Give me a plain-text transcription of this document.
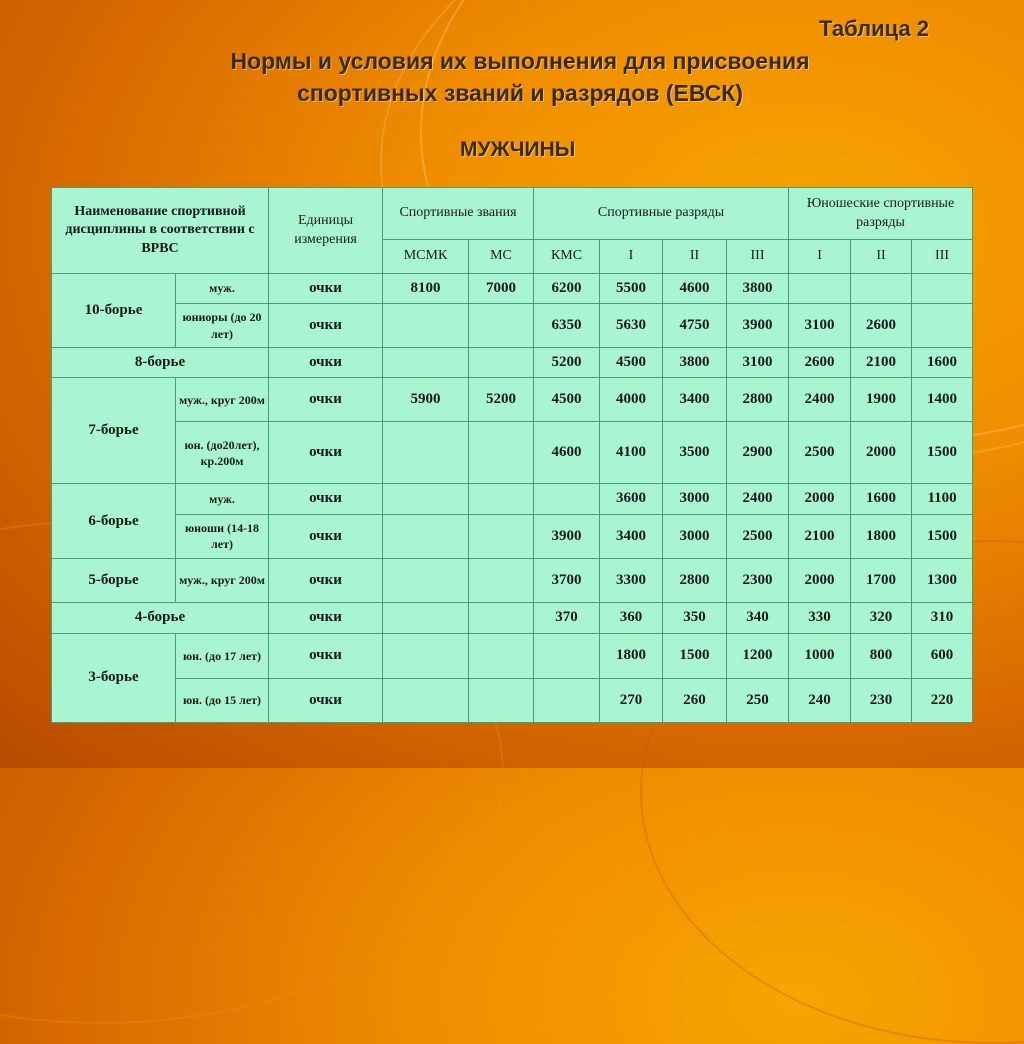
Таблица 2
Нормы и условия их выполнения для присвоения
спортивных званий и разрядов (ЕВСК)
МУЖЧИНЫ
Наименование спортивной дисциплины в соответствии с ВРВС		Единицы измерения	Спортивные звания		Спортивные разряды				Юношеские спортивные разряды		
			МСМК	МС	КМС	I	II	III	I	II	III
10-борье	муж.	очки	8100	7000	6200	5500	4600	3800			
	юниоры (до 20 лет)	очки			6350	5630	4750	3900	3100	2600	
8-борье		очки			5200	4500	3800	3100	2600	2100	1600
7-борье	муж., круг 200м	очки	5900	5200	4500	4000	3400	2800	2400	1900	1400
	юн. (до20лет), кр.200м	очки			4600	4100	3500	2900	2500	2000	1500
6-борье	муж.	очки				3600	3000	2400	2000	1600	1100
	юноши (14-18 лет)	очки			3900	3400	3000	2500	2100	1800	1500
5-борье	муж., круг 200м	очки			3700	3300	2800	2300	2000	1700	1300
4-борье		очки			370	360	350	340	330	320	310
3-борье	юн. (до 17 лет)	очки				1800	1500	1200	1000	800	600
	юн. (до 15 лет)	очки				270	260	250	240	230	220
